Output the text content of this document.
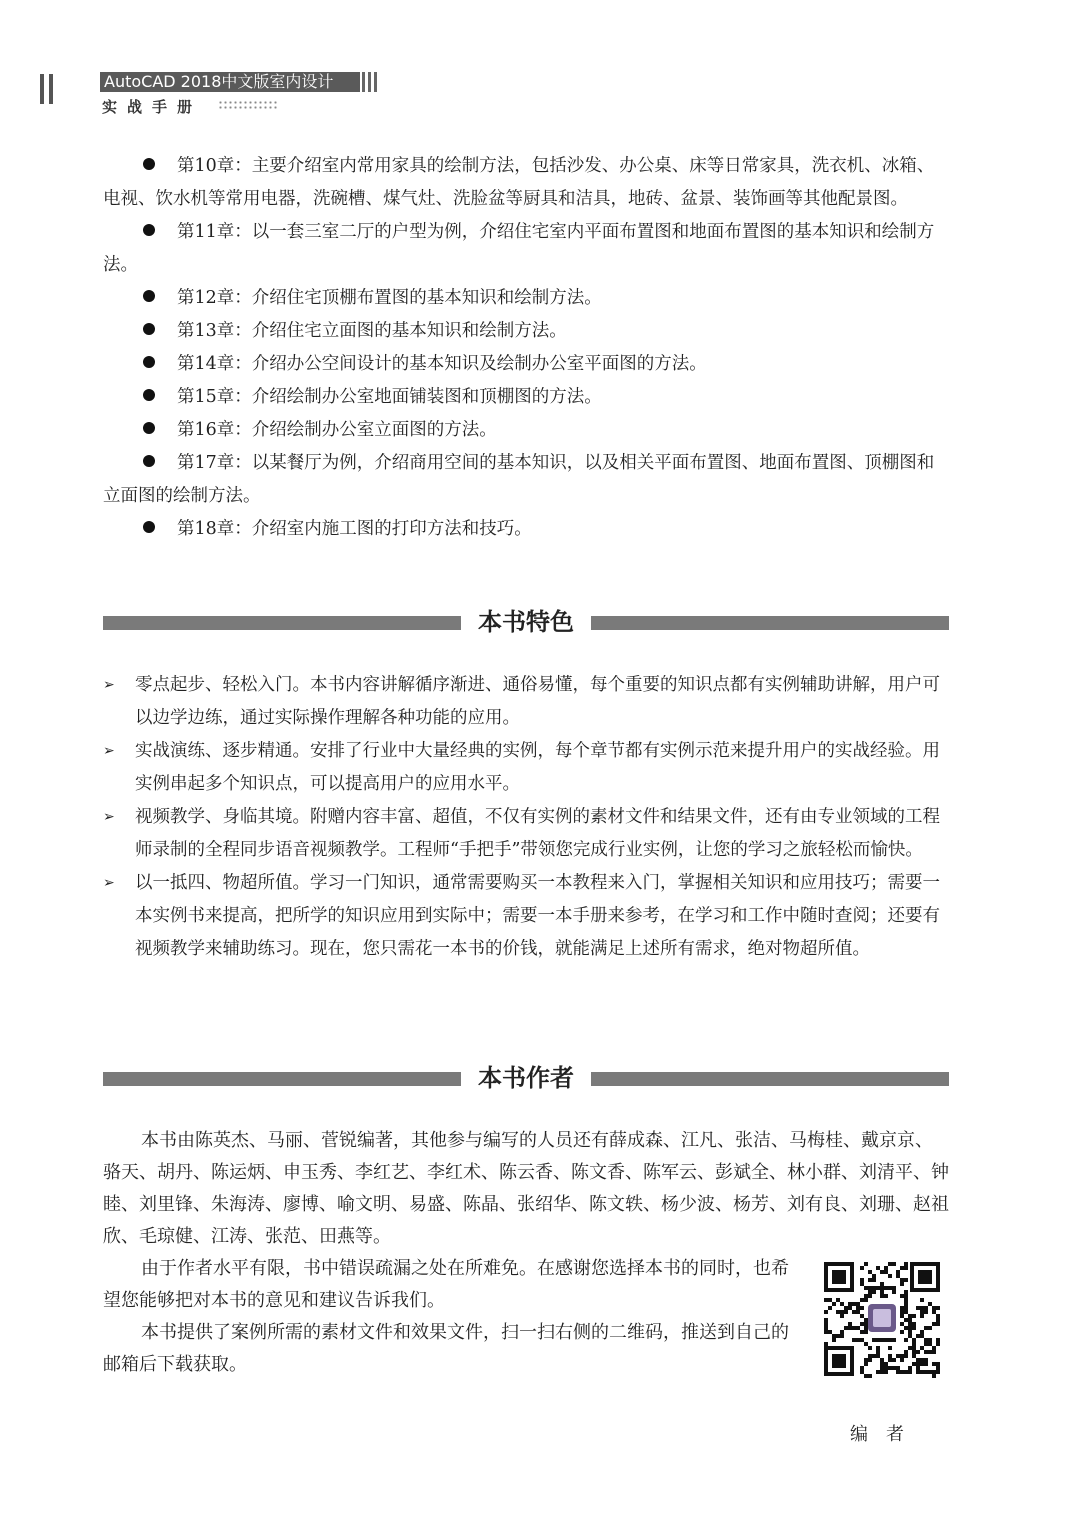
AutoCAD 2018中文版室内设计
实战手册

第10章：主要介绍室内常用家具的绘制方法，包括沙发、办公桌、床等日常家具，洗衣机、冰箱、电视、饮水机等常用电器，洗碗槽、煤气灶、洗脸盆等厨具和洁具，地砖、盆景、装饰画等其他配景图。

第11章：以一套三室二厅的户型为例，介绍住宅室内平面布置图和地面布置图的基本知识和绘制方法。

第12章：介绍住宅顶棚布置图的基本知识和绘制方法。

第13章：介绍住宅立面图的基本知识和绘制方法。

第14章：介绍办公空间设计的基本知识及绘制办公室平面图的方法。

第15章：介绍绘制办公室地面铺装图和顶棚图的方法。

第16章：介绍绘制办公室立面图的方法。

第17章：以某餐厅为例，介绍商用空间的基本知识，以及相关平面布置图、地面布置图、顶棚图和立面图的绘制方法。

第18章：介绍室内施工图的打印方法和技巧。

本书特色

➢ 零点起步、轻松入门。本书内容讲解循序渐进、通俗易懂，每个重要的知识点都有实例辅助讲解，用户可以边学边练，通过实际操作理解各种功能的应用。

➢ 实战演练、逐步精通。安排了行业中大量经典的实例，每个章节都有实例示范来提升用户的实战经验。用实例串起多个知识点，可以提高用户的应用水平。

➢ 视频教学、身临其境。附赠内容丰富、超值，不仅有实例的素材文件和结果文件，还有由专业领域的工程师录制的全程同步语音视频教学。工程师“手把手”带领您完成行业实例，让您的学习之旅轻松而愉快。

➢ 以一抵四、物超所值。学习一门知识，通常需要购买一本教程来入门，掌握相关知识和应用技巧；需要一本实例书来提高，把所学的知识应用到实际中；需要一本手册来参考，在学习和工作中随时查阅；还要有视频教学来辅助练习。现在，您只需花一本书的价钱，就能满足上述所有需求，绝对物超所值。

本书作者

本书由陈英杰、马丽、菅锐编著，其他参与编写的人员还有薛成森、江凡、张洁、马梅桂、戴京京、骆天、胡丹、陈运炳、申玉秀、李红艺、李红术、陈云香、陈文香、陈军云、彭斌全、林小群、刘清平、钟睦、刘里锋、朱海涛、廖博、喻文明、易盛、陈晶、张绍华、陈文轶、杨少波、杨芳、刘有良、刘珊、赵祖欣、毛琼健、江涛、张范、田燕等。

由于作者水平有限，书中错误疏漏之处在所难免。在感谢您选择本书的同时，也希望您能够把对本书的意见和建议告诉我们。

本书提供了案例所需的素材文件和效果文件，扫一扫右侧的二维码，推送到自己的邮箱后下载获取。

编者
